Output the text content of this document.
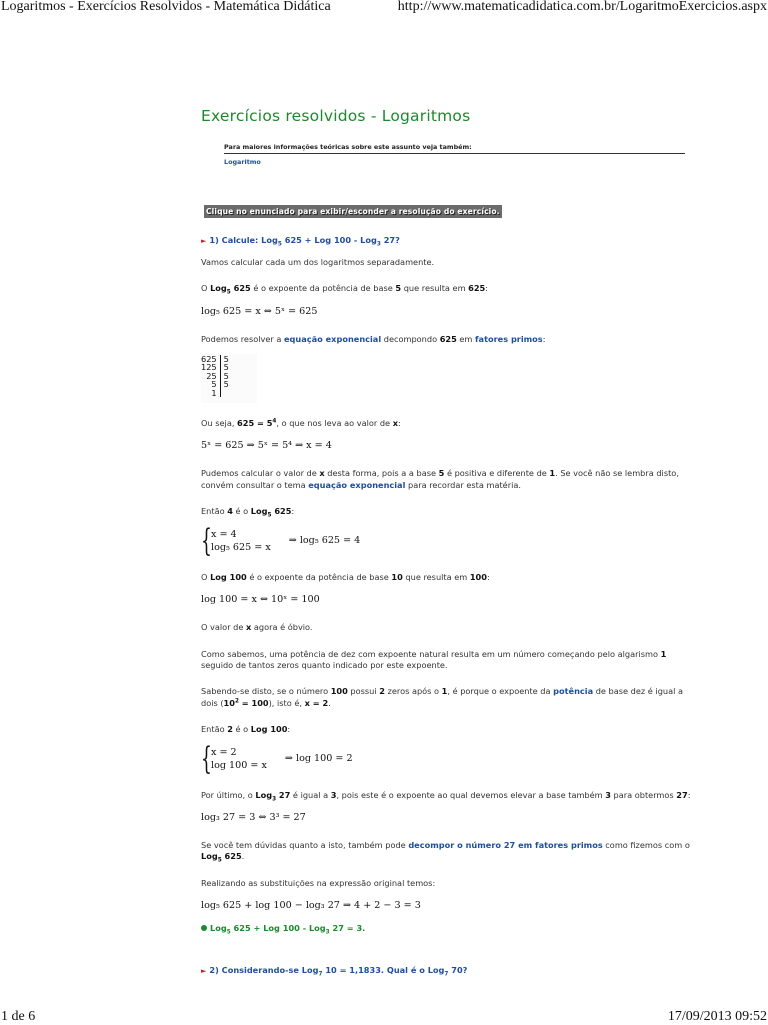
Logaritmos - Exercícios Resolvidos - Matemática Didática	http://www.matematicadidatica.com.br/LogaritmoExercicios.aspx
Exercícios resolvidos - Logaritmos
Para maiores informações teóricas sobre este assunto veja também:
Logaritmo
Clique no enunciado para exibir/esconder a resolução do exercício.
► 1) Calcule: Log$_5$ 625 + Log 100 - Log$_3$ 27?
Vamos calcular cada um dos logaritmos separadamente.
O Log$_5$ 625 é o expoente da potência de base 5 que resulta em 625:
log₅ 625 = x ⇔ 5ˣ = 625
Podemos resolver a equação exponencial decompondo 625 em fatores primos:
625
125
25
5
1
5
5
5
5
Ou seja, $625 = 5^4$, o que nos leva ao valor de x:
5ˣ = 625 ⇒ 5ˣ = 5⁴ ⇒ x = 4
Pudemos calcular o valor de x desta forma, pois a a base 5 é positiva e diferente de 1. Se você não se lembra disto, convém consultar o tema equação exponencial para recordar esta matéria.
Então 4 é o Log$_5$ 625:
{ x = 4
log₅ 625 = x
⇒ log₅ 625 = 4
O Log 100 é o expoente da potência de base 10 que resulta em 100:
log 100 = x ⇔ 10ˣ = 100
O valor de x agora é óbvio.
Como sabemos, uma potência de dez com expoente natural resulta em um número começando pelo algarismo 1 seguido de tantos zeros quanto indicado por este expoente.
Sabendo-se disto, se o número 100 possui 2 zeros após o 1, é porque o expoente da potência de base dez é igual a dois $(10^2 = 100)$, isto é, x = 2.
Então 2 é o Log 100:
{ x = 2
log 100 = x
⇒ log 100 = 2
Por último, o Log$_3$ 27 é igual a 3, pois este é o expoente ao qual devemos elevar a base também 3 para obtermos 27:
log₃ 27 = 3 ⇔ 3³ = 27
Se você tem dúvidas quanto a isto, também pode decompor o número 27 em fatores primos como fizemos com o Log$_5$ 625.
Realizando as substituições na expressão original temos:
log₅ 625 + log 100 − log₃ 27 ⇒ 4 + 2 − 3 = 3
Log$_5$ 625 + Log 100 - Log$_3$ 27 = 3.
► 2) Considerando-se Log$_7$ 10 = 1,1833. Qual é o Log$_7$ 70?
1 de 6	17/09/2013 09:52
